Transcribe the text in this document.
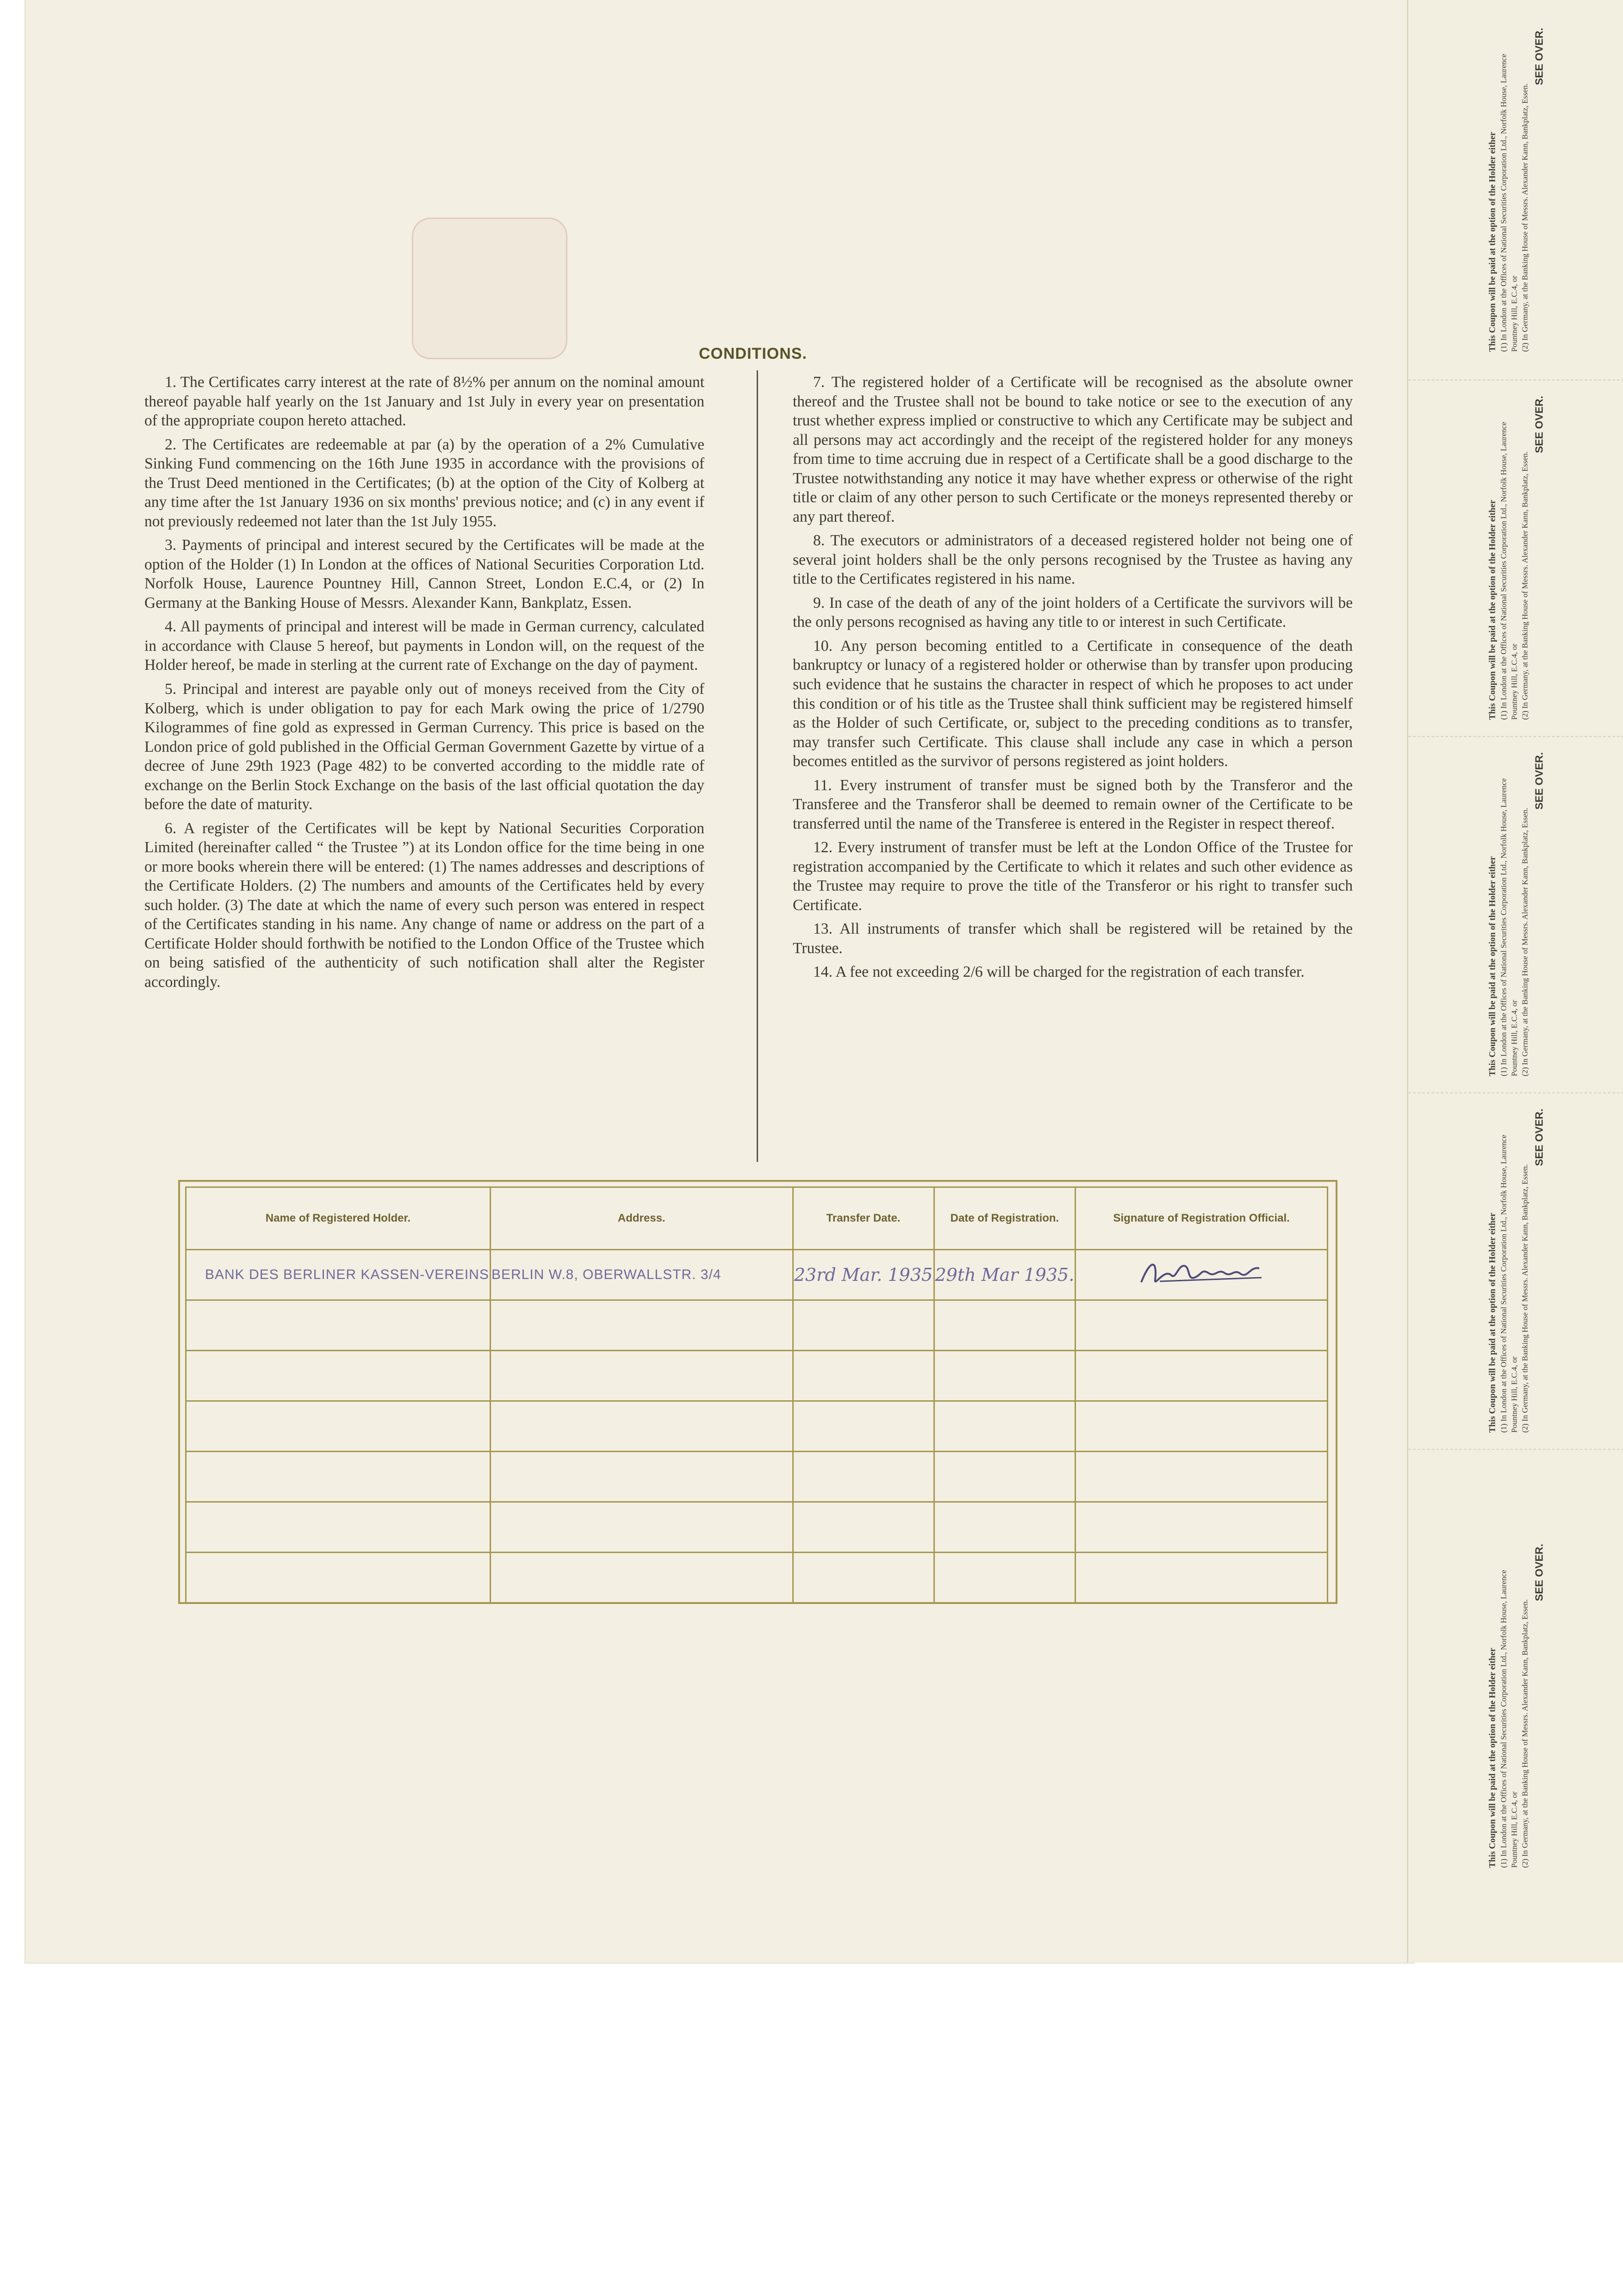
CONDITIONS.

1. The Certificates carry interest at the rate of 8½% per annum on the nominal amount thereof payable half yearly on the 1st January and 1st July in every year on presentation of the appropriate coupon hereto attached.

2. The Certificates are redeemable at par (a) by the operation of a 2% Cumulative Sinking Fund commencing on the 16th June 1935 in accordance with the provisions of the Trust Deed mentioned in the Certificates; (b) at the option of the City of Kolberg at any time after the 1st January 1936 on six months' previous notice; and (c) in any event if not previously redeemed not later than the 1st July 1955.

3. Payments of principal and interest secured by the Certificates will be made at the option of the Holder (1) In London at the offices of National Securities Corporation Ltd. Norfolk House, Laurence Pountney Hill, Cannon Street, London E.C.4, or (2) In Germany at the Banking House of Messrs. Alexander Kann, Bankplatz, Essen.

4. All payments of principal and interest will be made in German currency, calculated in accordance with Clause 5 hereof, but payments in London will, on the request of the Holder hereof, be made in sterling at the current rate of Exchange on the day of payment.

5. Principal and interest are payable only out of moneys received from the City of Kolberg, which is under obligation to pay for each Mark owing the price of 1/2790 Kilogrammes of fine gold as expressed in German Currency. This price is based on the London price of gold published in the Official German Government Gazette by virtue of a decree of June 29th 1923 (Page 482) to be converted according to the middle rate of exchange on the Berlin Stock Exchange on the basis of the last official quotation the day before the date of maturity.

6. A register of the Certificates will be kept by National Securities Corporation Limited (hereinafter called “ the Trustee ”) at its London office for the time being in one or more books wherein there will be entered: (1) The names addresses and descriptions of the Certificate Holders. (2) The numbers and amounts of the Certificates held by every such holder. (3) The date at which the name of every such person was entered in respect of the Certificates standing in his name. Any change of name or address on the part of a Certificate Holder should forthwith be notified to the London Office of the Trustee which on being satisfied of the authenticity of such notification shall alter the Register accordingly.

7. The registered holder of a Certificate will be recognised as the absolute owner thereof and the Trustee shall not be bound to take notice or see to the execution of any trust whether express implied or constructive to which any Certificate may be subject and all persons may act accordingly and the receipt of the registered holder for any moneys from time to time accruing due in respect of a Certificate shall be a good discharge to the Trustee notwithstanding any notice it may have whether express or otherwise of the right title or claim of any other person to such Certificate or the moneys represented thereby or any part thereof.

8. The executors or administrators of a deceased registered holder not being one of several joint holders shall be the only persons recognised by the Trustee as having any title to the Certificates registered in his name.

9. In case of the death of any of the joint holders of a Certificate the survivors will be the only persons recognised as having any title to or interest in such Certificate.

10. Any person becoming entitled to a Certificate in consequence of the death bankruptcy or lunacy of a registered holder or otherwise than by transfer upon producing such evidence that he sustains the character in respect of which he proposes to act under this condition or of his title as the Trustee shall think sufficient may be registered himself as the Holder of such Certificate, or, subject to the preceding conditions as to transfer, may transfer such Certificate. This clause shall include any case in which a person becomes entitled as the survivor of persons registered as joint holders.

11. Every instrument of transfer must be signed both by the Transferor and the Transferee and the Transferor shall be deemed to remain owner of the Certificate to be transferred until the name of the Transferee is entered in the Register in respect thereof.

12. Every instrument of transfer must be left at the London Office of the Trustee for registration accompanied by the Certificate to which it relates and such other evidence as the Trustee may require to prove the title of the Transferor or his right to transfer such Certificate.

13. All instruments of transfer which shall be registered will be retained by the Trustee.

14. A fee not exceeding 2/6 will be charged for the registration of each transfer.

Name of Registered Holder.	Address.	Transfer Date.	Date of Registration.	Signature of Registration Official.
BANK DES BERLINER KASSEN-VEREINS	BERLIN W.8, OBERWALLSTR. 3/4	23rd Mar. 1935	29th Mar 1935.	

This Coupon will be paid at the option of the Holder either (1) In London at the Offices of National Securities Corporation Ltd., Norfolk House, Laurence Pountney Hill, E.C.4, or (2) In Germany, at the Banking House of Messrs. Alexander Kann, Bankplatz, Essen.
SEE OVER.
This Coupon will be paid at the option of the Holder either (1) In London at the Offices of National Securities Corporation Ltd., Norfolk House, Laurence Pountney Hill, E.C.4, or (2) In Germany, at the Banking House of Messrs. Alexander Kann, Bankplatz, Essen.
SEE OVER.
This Coupon will be paid at the option of the Holder either (1) In London at the Offices of National Securities Corporation Ltd., Norfolk House, Laurence Pountney Hill, E.C.4, or (2) In Germany, at the Banking House of Messrs. Alexander Kann, Bankplatz, Essen.
SEE OVER.
This Coupon will be paid at the option of the Holder either (1) In London at the Offices of National Securities Corporation Ltd., Norfolk House, Laurence Pountney Hill, E.C.4, or (2) In Germany, at the Banking House of Messrs. Alexander Kann, Bankplatz, Essen.
SEE OVER.
This Coupon will be paid at the option of the Holder either (1) In London at the Offices of National Securities Corporation Ltd., Norfolk House, Laurence Pountney Hill, E.C.4, or (2) In Germany, at the Banking House of Messrs. Alexander Kann, Bankplatz, Essen.
SEE OVER.
